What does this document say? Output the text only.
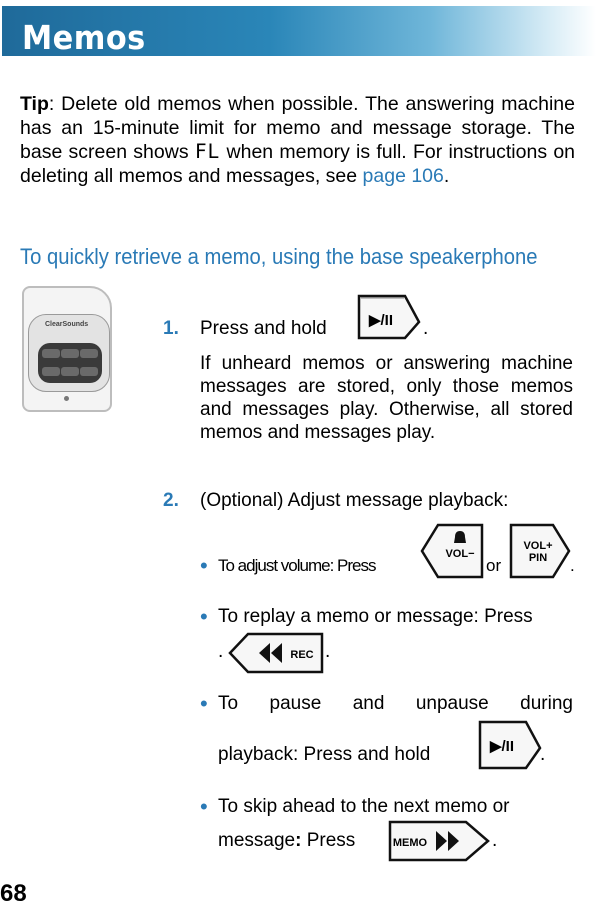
Memos
Tip: Delete old memos when possible. The answering machine has an 15-minute limit for memo and message storage. The base screen shows FL when memory is full. For instructions on deleting all memos and messages, see page 106.
To quickly retrieve a memo, using the base speakerphone
ClearSounds	1. Press and hold	▶/II .
If unheard memos or answering machine messages are stored, only those memos and messages play. Otherwise, all stored memos and messages play.
2. (Optional) Adjust message playback:
• To adjust volume: Press
VOL−
or
VOL+
PIN .
• To replay a memo or message: Press
.	REC .
• To pause and unpause during
playback: Press and hold	▶/II .
• To skip ahead to the next memo or
message: Press	MEMO	.
68
